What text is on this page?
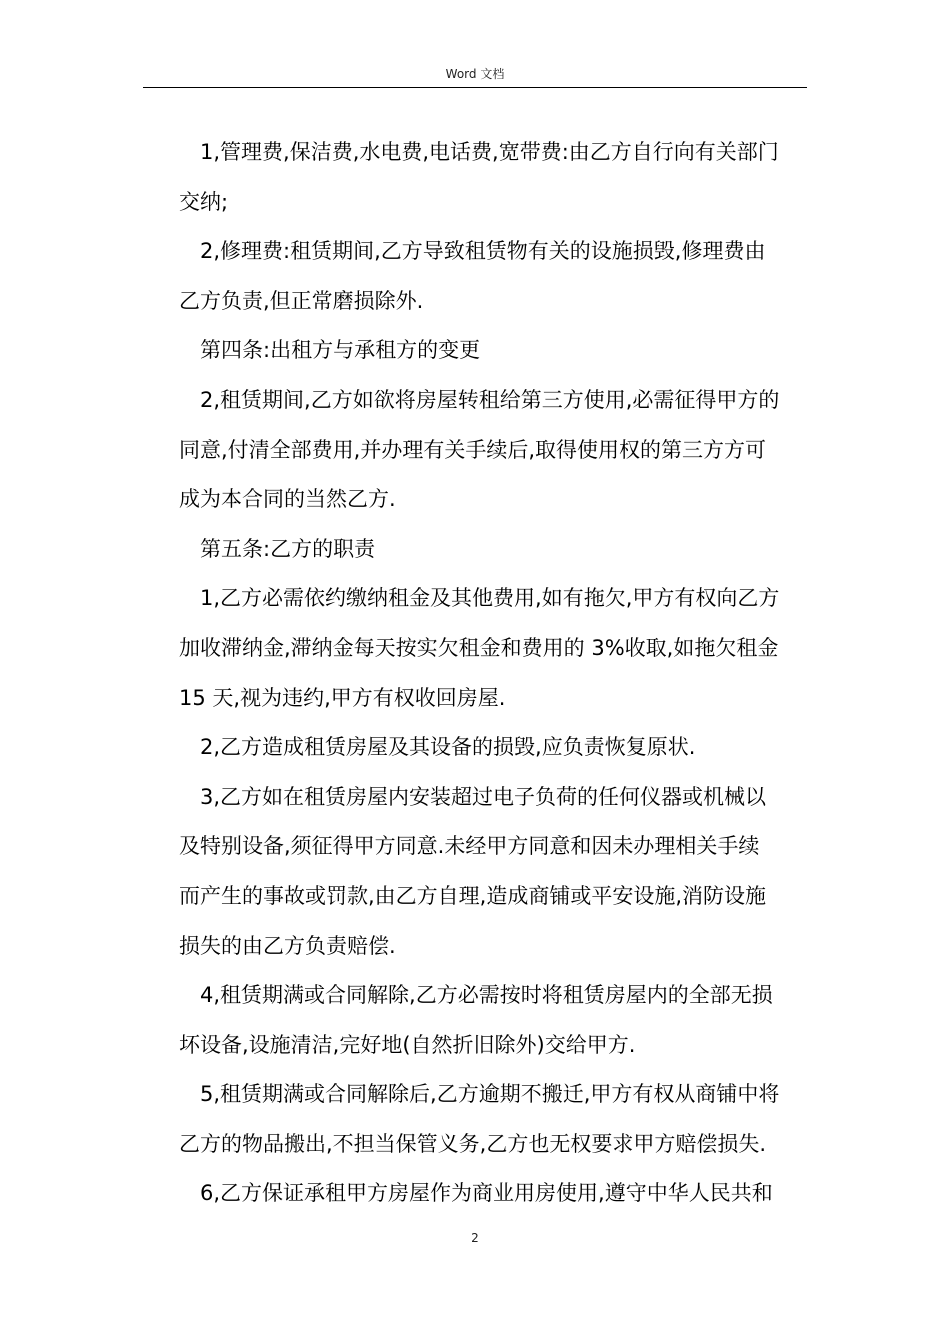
Word 文档
1,管理费,保洁费,水电费,电话费,宽带费:由乙方自行向有关部门
交纳;
2,修理费:租赁期间,乙方导致租赁物有关的设施损毁,修理费由
乙方负责,但正常磨损除外.
第四条:出租方与承租方的变更
2,租赁期间,乙方如欲将房屋转租给第三方使用,必需征得甲方的
同意,付清全部费用,并办理有关手续后,取得使用权的第三方方可
成为本合同的当然乙方.
第五条:乙方的职责
1,乙方必需依约缴纳租金及其他费用,如有拖欠,甲方有权向乙方
加收滞纳金,滞纳金每天按实欠租金和费用的 3%收取,如拖欠租金
15 天,视为违约,甲方有权收回房屋.
2,乙方造成租赁房屋及其设备的损毁,应负责恢复原状.
3,乙方如在租赁房屋内安装超过电子负荷的任何仪器或机械以
及特别设备,须征得甲方同意.未经甲方同意和因未办理相关手续
而产生的事故或罚款,由乙方自理,造成商铺或平安设施,消防设施
损失的由乙方负责赔偿.
4,租赁期满或合同解除,乙方必需按时将租赁房屋内的全部无损
坏设备,设施清洁,完好地(自然折旧除外)交给甲方.
5,租赁期满或合同解除后,乙方逾期不搬迁,甲方有权从商铺中将
乙方的物品搬出,不担当保管义务,乙方也无权要求甲方赔偿损失.
6,乙方保证承租甲方房屋作为商业用房使用,遵守中华人民共和
2
